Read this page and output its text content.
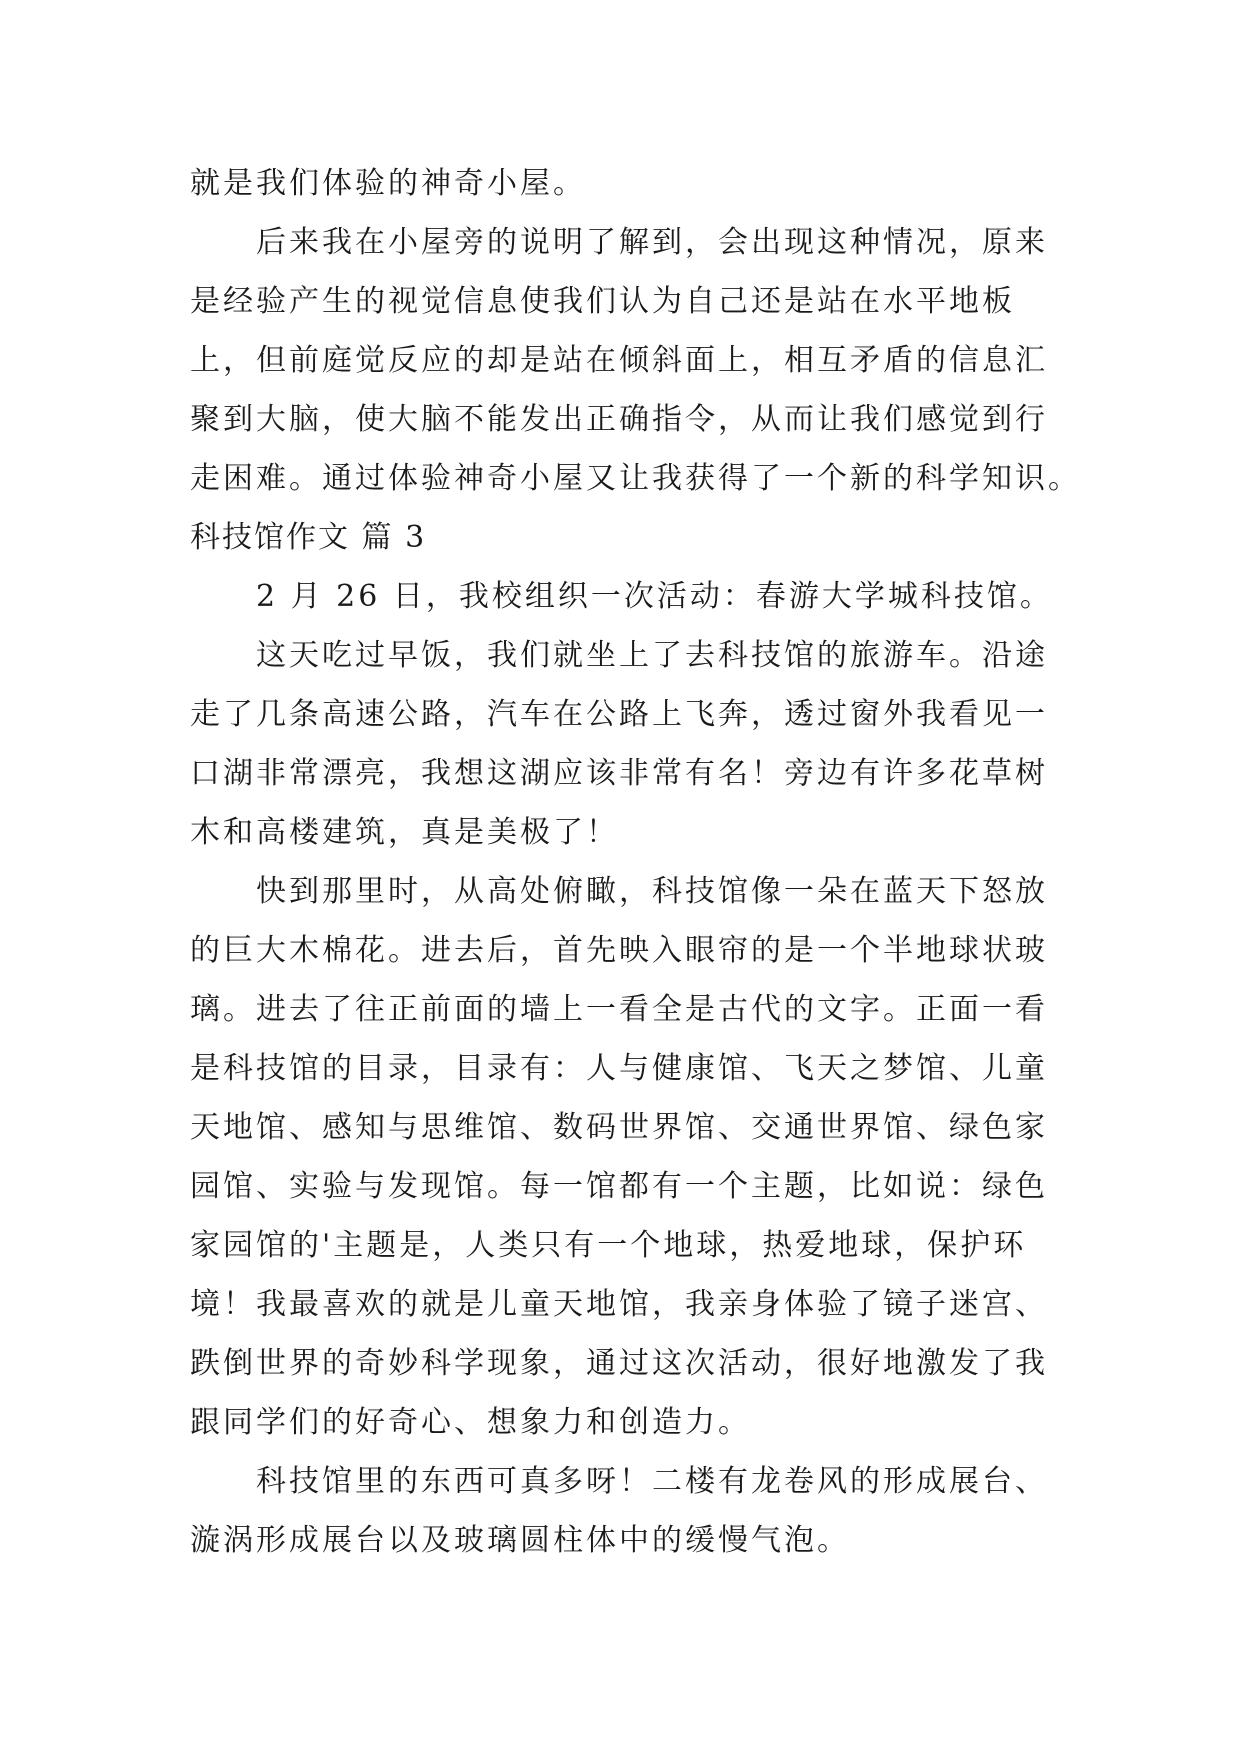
就是我们体验的神奇小屋。
后来我在小屋旁的说明了解到，会出现这种情况，原来
是经验产生的视觉信息使我们认为自己还是站在水平地板
上，但前庭觉反应的却是站在倾斜面上，相互矛盾的信息汇
聚到大脑，使大脑不能发出正确指令，从而让我们感觉到行
走困难。通过体验神奇小屋又让我获得了一个新的科学知识。
科技馆作文 篇 3
2 月 26 日，我校组织一次活动：春游大学城科技馆。
这天吃过早饭，我们就坐上了去科技馆的旅游车。沿途
走了几条高速公路，汽车在公路上飞奔，透过窗外我看见一
口湖非常漂亮，我想这湖应该非常有名！旁边有许多花草树
木和高楼建筑，真是美极了！
快到那里时，从高处俯瞰，科技馆像一朵在蓝天下怒放
的巨大木棉花。进去后，首先映入眼帘的是一个半地球状玻
璃。进去了往正前面的墙上一看全是古代的文字。正面一看
是科技馆的目录，目录有：人与健康馆、飞天之梦馆、儿童
天地馆、感知与思维馆、数码世界馆、交通世界馆、绿色家
园馆、实验与发现馆。每一馆都有一个主题，比如说：绿色
家园馆的'主题是，人类只有一个地球，热爱地球，保护环
境！我最喜欢的就是儿童天地馆，我亲身体验了镜子迷宫、
跌倒世界的奇妙科学现象，通过这次活动，很好地激发了我
跟同学们的好奇心、想象力和创造力。
科技馆里的东西可真多呀！二楼有龙卷风的形成展台、
漩涡形成展台以及玻璃圆柱体中的缓慢气泡。
